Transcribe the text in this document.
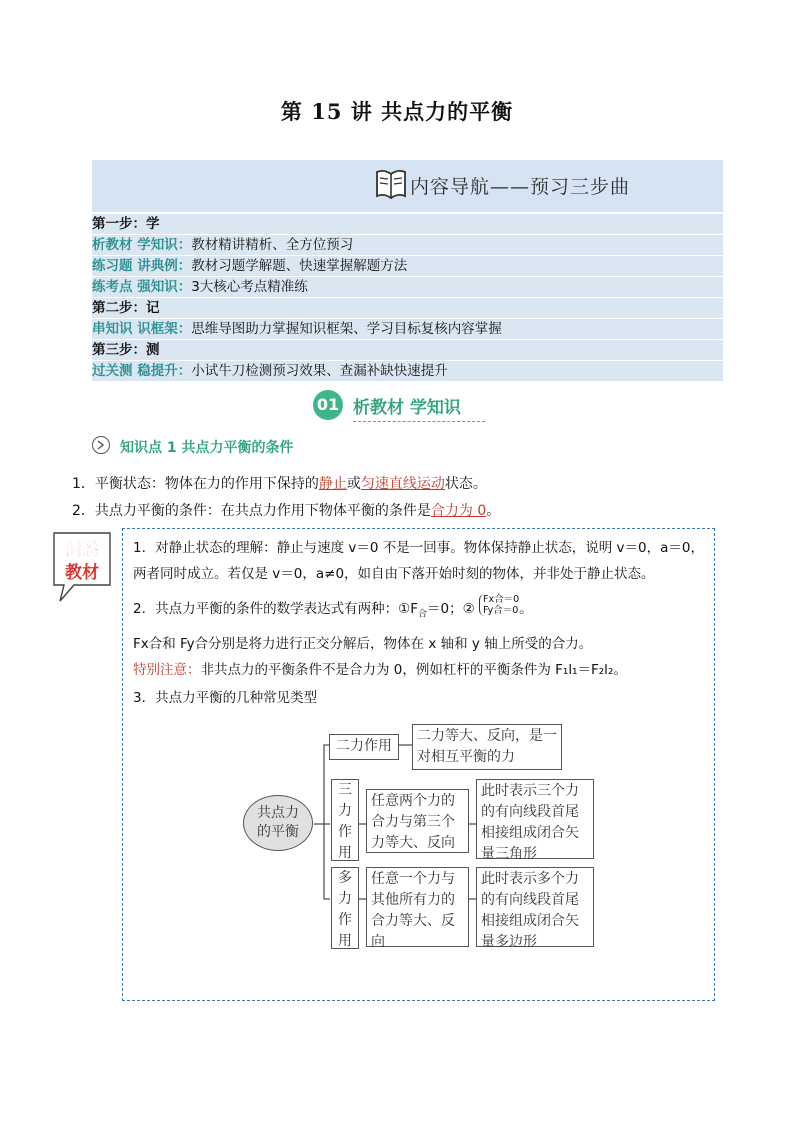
第 15 讲 共点力的平衡
内容导航——预习三步曲
第一步：学
析教材 学知识：教材精讲精析、全方位预习
练习题 讲典例：教材习题学解题、快速掌握解题方法
练考点 强知识：3大核心考点精准练
第二步：记
串知识 识框架：思维导图助力掌握知识框架、学习目标复核内容掌握
第三步：测
过关测 稳提升：小试牛刀检测预习效果、查漏补缺快速提升
01 析教材 学知识
知识点 1 共点力平衡的条件
1．平衡状态：物体在力的作用下保持的静止或匀速直线运动状态。
2．共点力平衡的条件：在共点力作用下物体平衡的条件是合力为 0。
洞悉
教材
1．对静止状态的理解：静止与速度 v＝0 不是一回事。物体保持静止状态，说明 v＝0，a＝0，
两者同时成立。若仅是 v＝0，a≠0，如自由下落开始时刻的物体，并非处于静止状态。
2．共点力平衡的条件的数学表达式有两种：$①F_合=0$；②
Fx合＝0
Fy合＝0 。
Fx合和 Fy合分别是将力进行正交分解后，物体在 x 轴和 y 轴上所受的合力。
特别注意：非共点力的平衡条件不是合力为 0，例如杠杆的平衡条件为 F₁l₁＝F₂l₂。
3．共点力平衡的几种常见类型
共点力的平衡
二力作用
二力等大、反向，是一对相互平衡的力
三力作用
任意两个力的合力与第三个力等大、反向
此时表示三个力的有向线段首尾相接组成闭合矢量三角形
多力作用
任意一个力与其他所有力的合力等大、反向
此时表示多个力的有向线段首尾相接组成闭合矢量多边形
